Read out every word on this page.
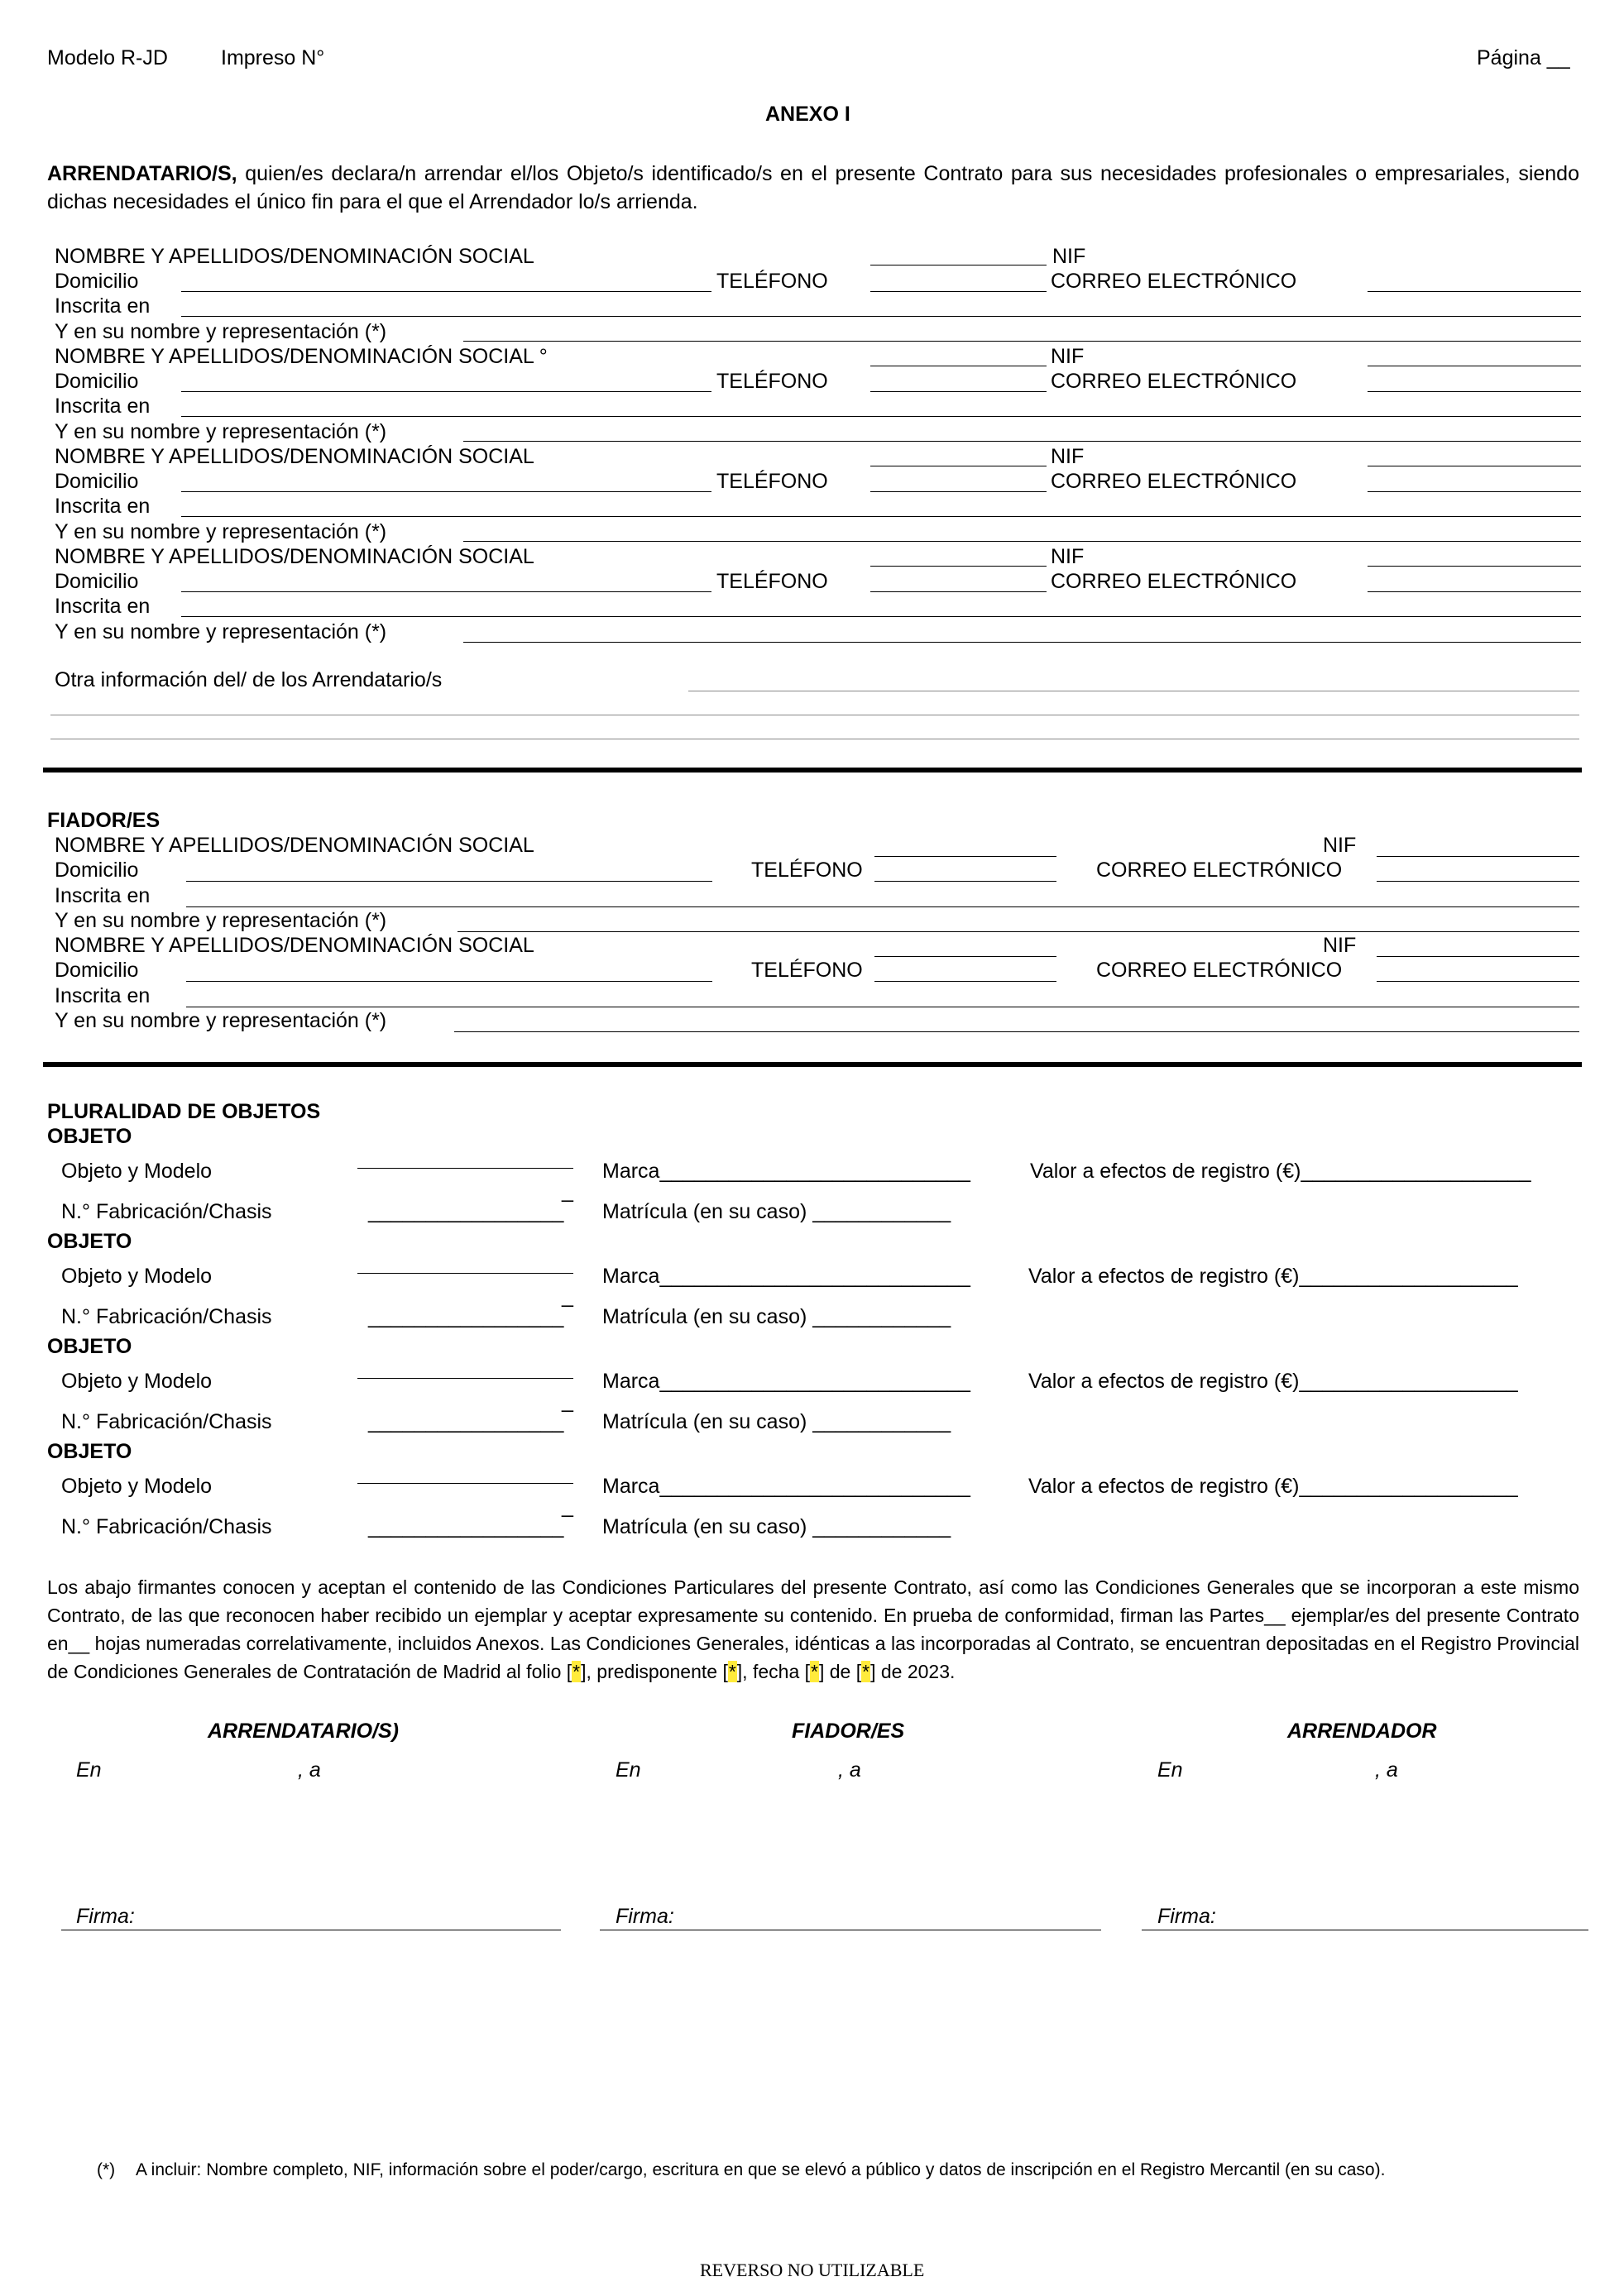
Modelo R-JD	Impreso N°	Página __
ANEXO I
ARRENDATARIO/S, quien/es declara/n arrendar el/los Objeto/s identificado/s en el presente Contrato para sus necesidades profesionales o empresariales, siendo dichas necesidades el único fin para el que el Arrendador lo/s arrienda.
NOMBRE Y APELLIDOS/DENOMINACIÓN SOCIAL	NIF
Domicilio	TELÉFONO	CORREO ELECTRÓNICO
Inscrita en
Y en su nombre y representación (*)
NOMBRE Y APELLIDOS/DENOMINACIÓN SOCIAL °	NIF
Domicilio	TELÉFONO	CORREO ELECTRÓNICO
Inscrita en
Y en su nombre y representación (*)
NOMBRE Y APELLIDOS/DENOMINACIÓN SOCIAL	NIF
Domicilio	TELÉFONO	CORREO ELECTRÓNICO
Inscrita en
Y en su nombre y representación (*)
NOMBRE Y APELLIDOS/DENOMINACIÓN SOCIAL	NIF
Domicilio	TELÉFONO	CORREO ELECTRÓNICO
Inscrita en
Y en su nombre y representación (*)
Otra información del/ de los Arrendatario/s
FIADOR/ES
NOMBRE Y APELLIDOS/DENOMINACIÓN SOCIAL	NIF
Domicilio	TELÉFONO	CORREO ELECTRÓNICO
Inscrita en
Y en su nombre y representación (*)
NOMBRE Y APELLIDOS/DENOMINACIÓN SOCIAL	NIF
Domicilio	TELÉFONO	CORREO ELECTRÓNICO
Inscrita en
Y en su nombre y representación (*)
PLURALIDAD DE OBJETOS
OBJETO
Objeto y Modelo
_
Marca___________________________	Valor a efectos de registro (€)____________________
N.° Fabricación/Chasis	_________________ Matrícula (en su caso) ____________
OBJETO
Objeto y Modelo
_
Marca___________________________	Valor a efectos de registro (€)___________________
N.° Fabricación/Chasis	_________________ Matrícula (en su caso) ____________
OBJETO
Objeto y Modelo
_
Marca___________________________	Valor a efectos de registro (€)___________________
N.° Fabricación/Chasis	_________________ Matrícula (en su caso) ____________
OBJETO
Objeto y Modelo
_
Marca___________________________	Valor a efectos de registro (€)___________________
N.° Fabricación/Chasis	_________________ Matrícula (en su caso) ____________
Los abajo firmantes conocen y aceptan el contenido de las Condiciones Particulares del presente Contrato, así como las Condiciones Generales que se incorporan a este mismo Contrato, de las que reconocen haber recibido un ejemplar y aceptar expresamente su contenido. En prueba de conformidad, firman las Partes__ ejemplar/es del presente Contrato en__ hojas numeradas correlativamente, incluidos Anexos. Las Condiciones Generales, idénticas a las incorporadas al Contrato, se encuentran depositadas en el Registro Provincial de Condiciones Generales de Contratación de Madrid al folio [*], predisponente [*], fecha [*] de [*] de 2023.
ARRENDATARIO/S)	FIADOR/ES	ARRENDADOR
En	, a	En	, a	En	, a
Firma:	Firma:	Firma:
(*) A incluir: Nombre completo, NIF, información sobre el poder/cargo, escritura en que se elevó a público y datos de inscripción en el Registro Mercantil (en su caso).
REVERSO NO UTILIZABLE
